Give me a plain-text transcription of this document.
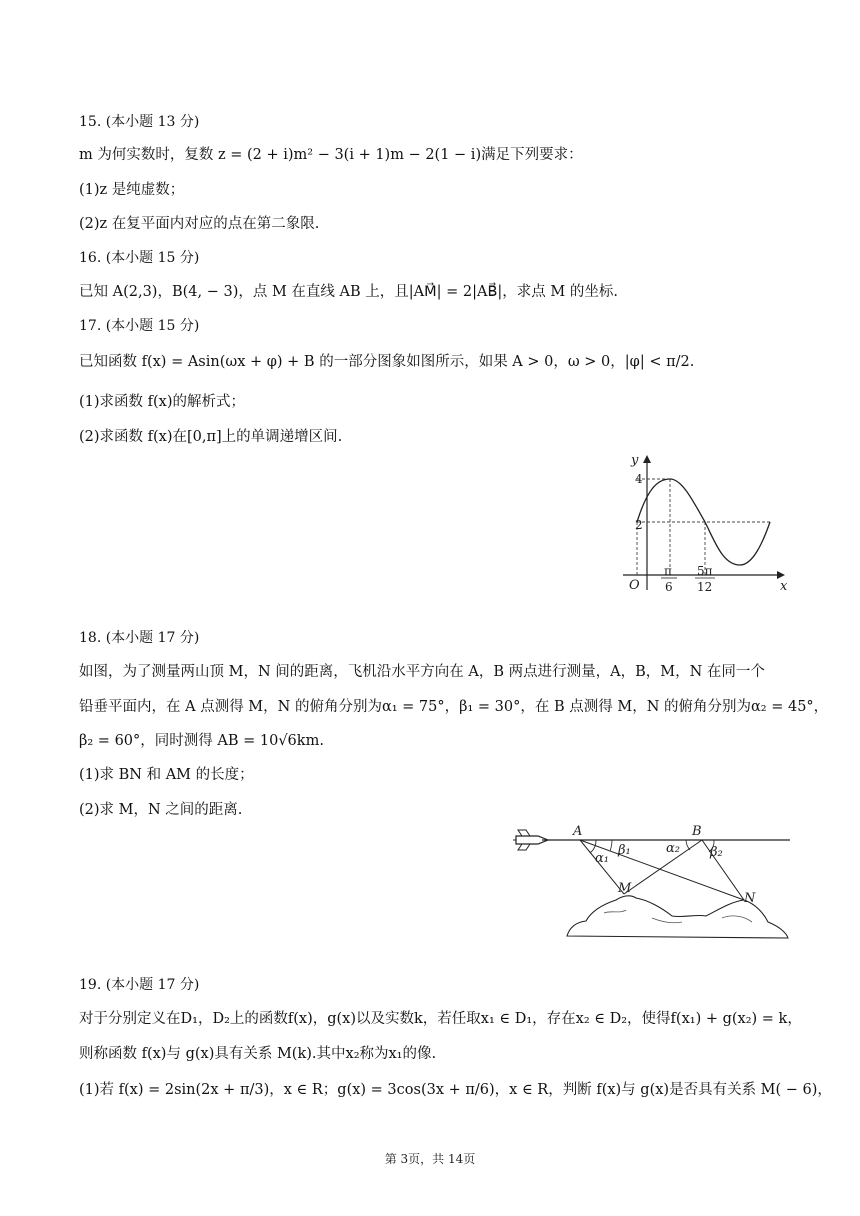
15. (本小题 13 分)
m 为何实数时，复数 z = (2 + i)m² − 3(i + 1)m − 2(1 − i)满足下列要求：
(1)z 是纯虚数；
(2)z 在复平面内对应的点在第二象限.
16. (本小题 15 分)
已知 A(2,3)，B(4, − 3)，点 M 在直线 AB 上，且|AM⃗| = 2|AB⃗|，求点 M 的坐标.
17. (本小题 15 分)
已知函数 f(x) = Asin(ωx + φ) + B 的一部分图象如图所示，如果 A > 0，ω > 0，|φ| < π/2.
(1)求函数 f(x)的解析式；
(2)求函数 f(x)在[0,π]上的单调递增区间.
y
x
O
4
2
π
6
5π
12
18. (本小题 17 分)
如图，为了测量两山顶 M，N 间的距离，飞机沿水平方向在 A，B 两点进行测量，A，B，M，N 在同一个
铅垂平面内，在 A 点测得 M，N 的俯角分别为α₁ = 75°，β₁ = 30°，在 B 点测得 M，N 的俯角分别为α₂ = 45°，
β₂ = 60°，同时测得 AB = 10√6km.
(1)求 BN 和 AM 的长度；
(2)求 M，N 之间的距离.
A	B
M
N
α₁
β₁	α₂ β₂
19. (本小题 17 分)
对于分别定义在D₁，D₂上的函数f(x)，g(x)以及实数k，若任取x₁ ∈ D₁，存在x₂ ∈ D₂，使得f(x₁) + g(x₂) = k，
则称函数 f(x)与 g(x)具有关系 M(k).其中x₂称为x₁的像.
(1)若 f(x) = 2sin(2x + π/3)，x ∈ R；g(x) = 3cos(3x + π/6)，x ∈ R，判断 f(x)与 g(x)是否具有关系 M( − 6)，
第 3页，共 14页
